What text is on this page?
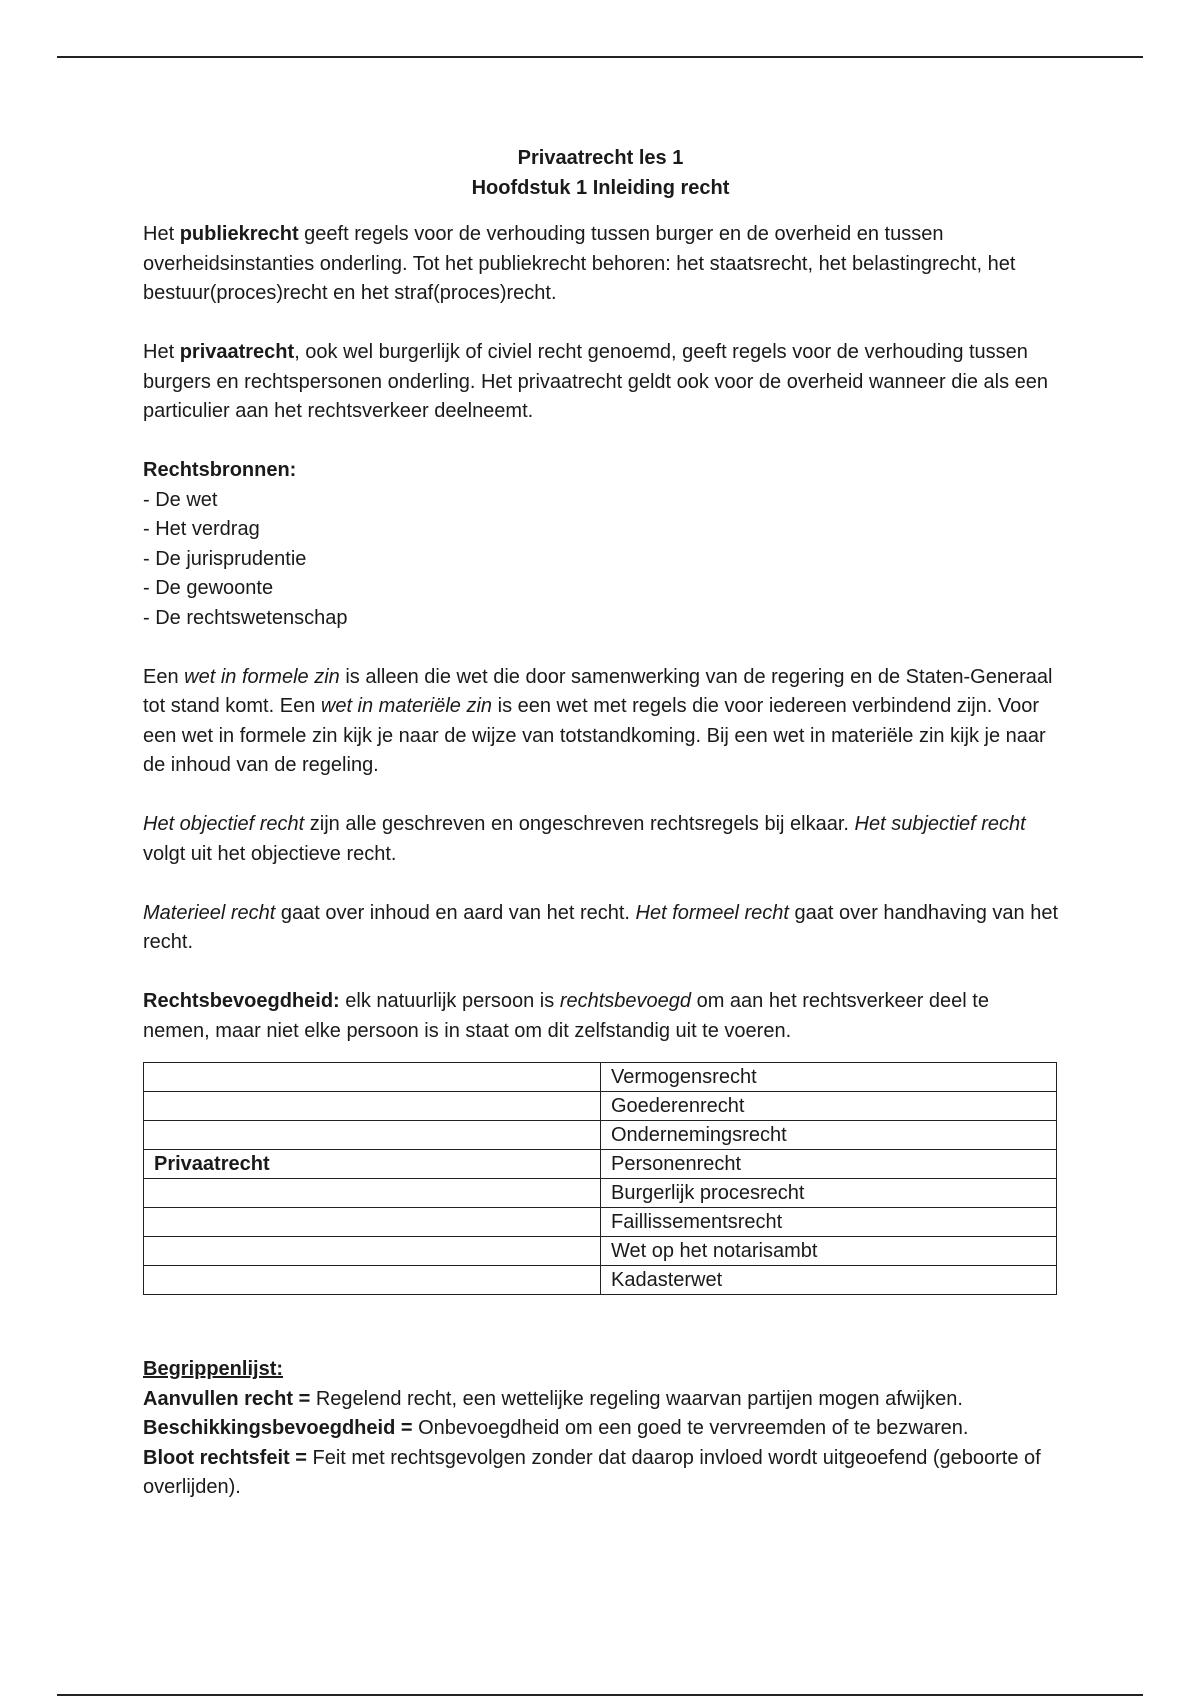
Privaatrecht les 1
Hoofdstuk 1 Inleiding recht

Het publiekrecht geeft regels voor de verhouding tussen burger en de overheid en tussen overheidsinstanties onderling. Tot het publiekrecht behoren: het staatsrecht, het belastingrecht, het bestuur(proces)recht en het straf(proces)recht.

Het privaatrecht, ook wel burgerlijk of civiel recht genoemd, geeft regels voor de verhouding tussen burgers en rechtspersonen onderling. Het privaatrecht geldt ook voor de overheid wanneer die als een particulier aan het rechtsverkeer deelneemt.

Rechtsbronnen:
- De wet
- Het verdrag
- De jurisprudentie
- De gewoonte
- De rechtswetenschap

Een wet in formele zin is alleen die wet die door samenwerking van de regering en de Staten-Generaal tot stand komt. Een wet in materiële zin is een wet met regels die voor iedereen verbindend zijn. Voor een wet in formele zin kijk je naar de wijze van totstandkoming. Bij een wet in materiële zin kijk je naar de inhoud van de regeling.

Het objectief recht zijn alle geschreven en ongeschreven rechtsregels bij elkaar. Het subjectief recht volgt uit het objectieve recht.

Materieel recht gaat over inhoud en aard van het recht. Het formeel recht gaat over handhaving van het recht.

Rechtsbevoegdheid: elk natuurlijk persoon is rechtsbevoegd om aan het rechtsverkeer deel te nemen, maar niet elke persoon is in staat om dit zelfstandig uit te voeren.

	Vermogensrecht
	Goederenrecht
	Ondernemingsrecht
Privaatrecht	Personenrecht
	Burgerlijk procesrecht
	Faillissementsrecht
	Wet op het notarisambt
	Kadasterwet
Begrippenlijst:
Aanvullen recht = Regelend recht, een wettelijke regeling waarvan partijen mogen afwijken.
Beschikkingsbevoegdheid = Onbevoegdheid om een goed te vervreemden of te bezwaren.
Bloot rechtsfeit = Feit met rechtsgevolgen zonder dat daarop invloed wordt uitgeoefend (geboorte of overlijden).
